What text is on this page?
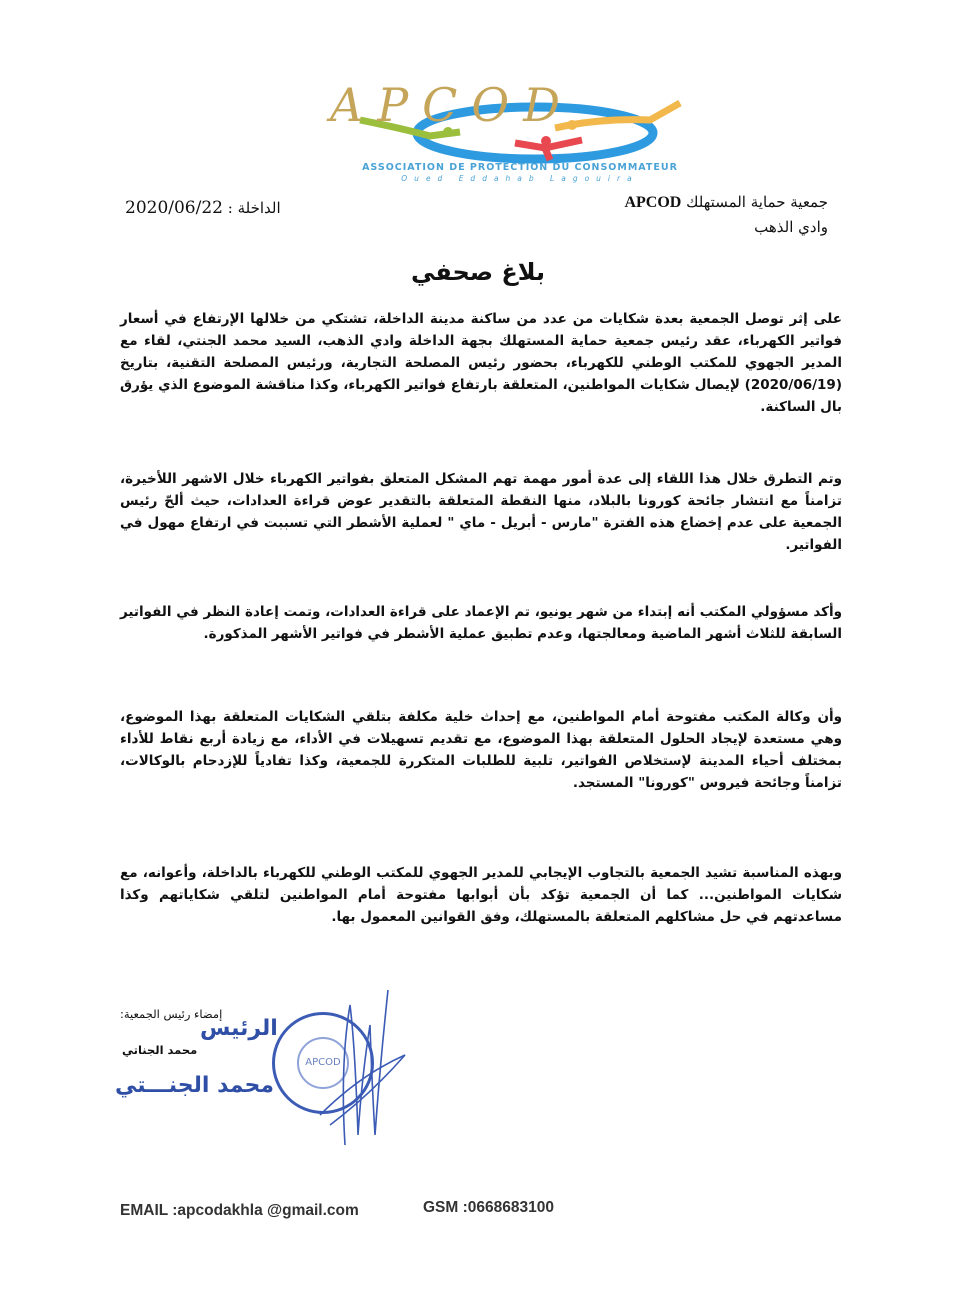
APCOD
ASSOCIATION DE PROTECTION DU CONSOMMATEUR
Oued Eddahab Lagouira
جمعية حماية المستهلك APCOD
وادي الذهب
الداخلة : 2020/06/22
بلاغ صحفي
على إثر توصل الجمعية بعدة شكايات من عدد من ساكنة مدينة الداخلة، تشتكي من خلالها الإرتفاع في أسعار فواتير الكهرباء، عقد رئيس جمعية حماية المستهلك بجهة الداخلة وادي الذهب، السيد محمد الجنتي، لقاء مع المدير الجهوي للمكتب الوطني للكهرباء، بحضور رئيس المصلحة التجارية، ورئيس المصلحة التقنية، بتاريخ (2020/06/19) لإيصال شكايات المواطنين، المتعلقة بارتفاع فواتير الكهرباء، وكذا مناقشة الموضوع الذي يؤرق بال الساكنة.
وتم التطرق خلال هذا اللقاء إلى عدة أمور مهمة تهم المشكل المتعلق بفواتير الكهرباء خلال الاشهر اللأخيرة، تزامناً مع انتشار جائحة كورونا بالبلاد، منها النقطة المتعلقة بالتقدير عوض قراءة العدادات، حيث ألحّ رئيس الجمعية على عدم إخضاع هذه الفترة "مارس - أبريل - ماي " لعملية الأشطر التي تسببت في ارتفاع مهول في الفواتير.
وأكد مسؤولي المكتب أنه إبتداء من شهر يونيو، تم الإعماد على قراءة العدادات، وتمت إعادة النظر في الفواتير السابقة للثلاث أشهر الماضية ومعالجتها، وعدم تطبيق عملية الأشطر في فواتير الأشهر المذكورة.
وأن وكالة المكتب مفتوحة أمام المواطنين، مع إحداث خلية مكلفة بتلقي الشكايات المتعلقة بهذا الموضوع، وهي مستعدة لإيجاد الحلول المتعلقة بهذا الموضوع، مع تقديم تسهيلات في الأداء، مع زيادة أربع نقاط للأداء بمختلف أحياء المدينة لإستخلاص الفواتير، تلبية للطلبات المتكررة للجمعية، وكذا تفادياً للإزدحام بالوكالات، تزامناً وجائحة فيروس "كورونا" المستجد.
وبهذه المناسبة تشيد الجمعية بالتجاوب الإيجابي للمدير الجهوي للمكتب الوطني للكهرباء بالداخلة، وأعوانه، مع شكايات المواطنين... كما أن الجمعية تؤكد بأن أبوابها مفتوحة أمام المواطنين لتلقي شكاياتهم وكذا مساعدتهم في حل مشاكلهم المتعلقة بالمستهلك، وفق القوانين المعمول بها.
إمضاء رئيس الجمعية:
الرئيس
محمد الجناتي
محمد الجنـــتي
APCOD
EMAIL :apcodakhla @gmail.com	GSM :0668683100
